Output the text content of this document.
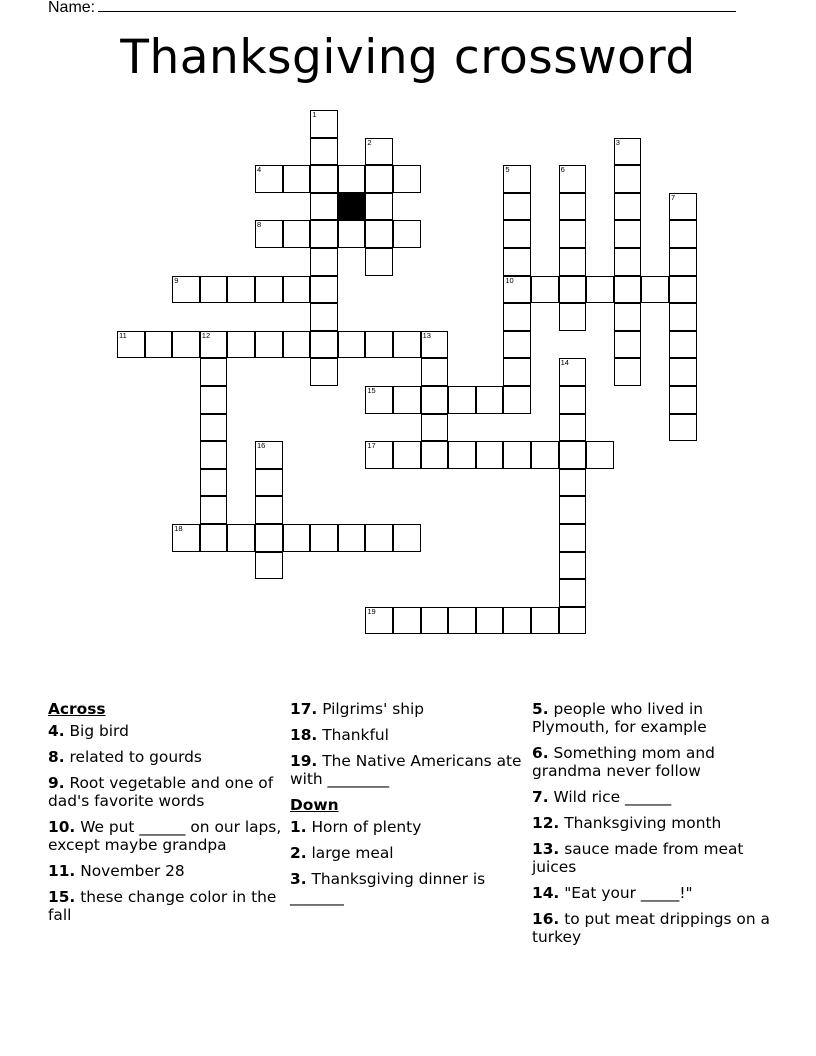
Name:
Thanksgiving crossword
1
2	3
4	5
10
6
7
8
9
11	12	13
14
15
16	17
18
19
Across
4. Big bird
8. related to gourds
9. Root vegetable and one of dad's favorite words
10. We put ______ on our laps, except maybe grandpa
11. November 28
15. these change color in the fall
17. Pilgrims' ship
18. Thankful
19. The Native Americans ate with ________
Down
1. Horn of plenty
2. large meal
3. Thanksgiving dinner is _______
5. people who lived in Plymouth, for example
6. Something mom and grandma never follow
7. Wild rice ______
12. Thanksgiving month
13. sauce made from meat juices
14. "Eat your _____!"
16. to put meat drippings on a turkey
